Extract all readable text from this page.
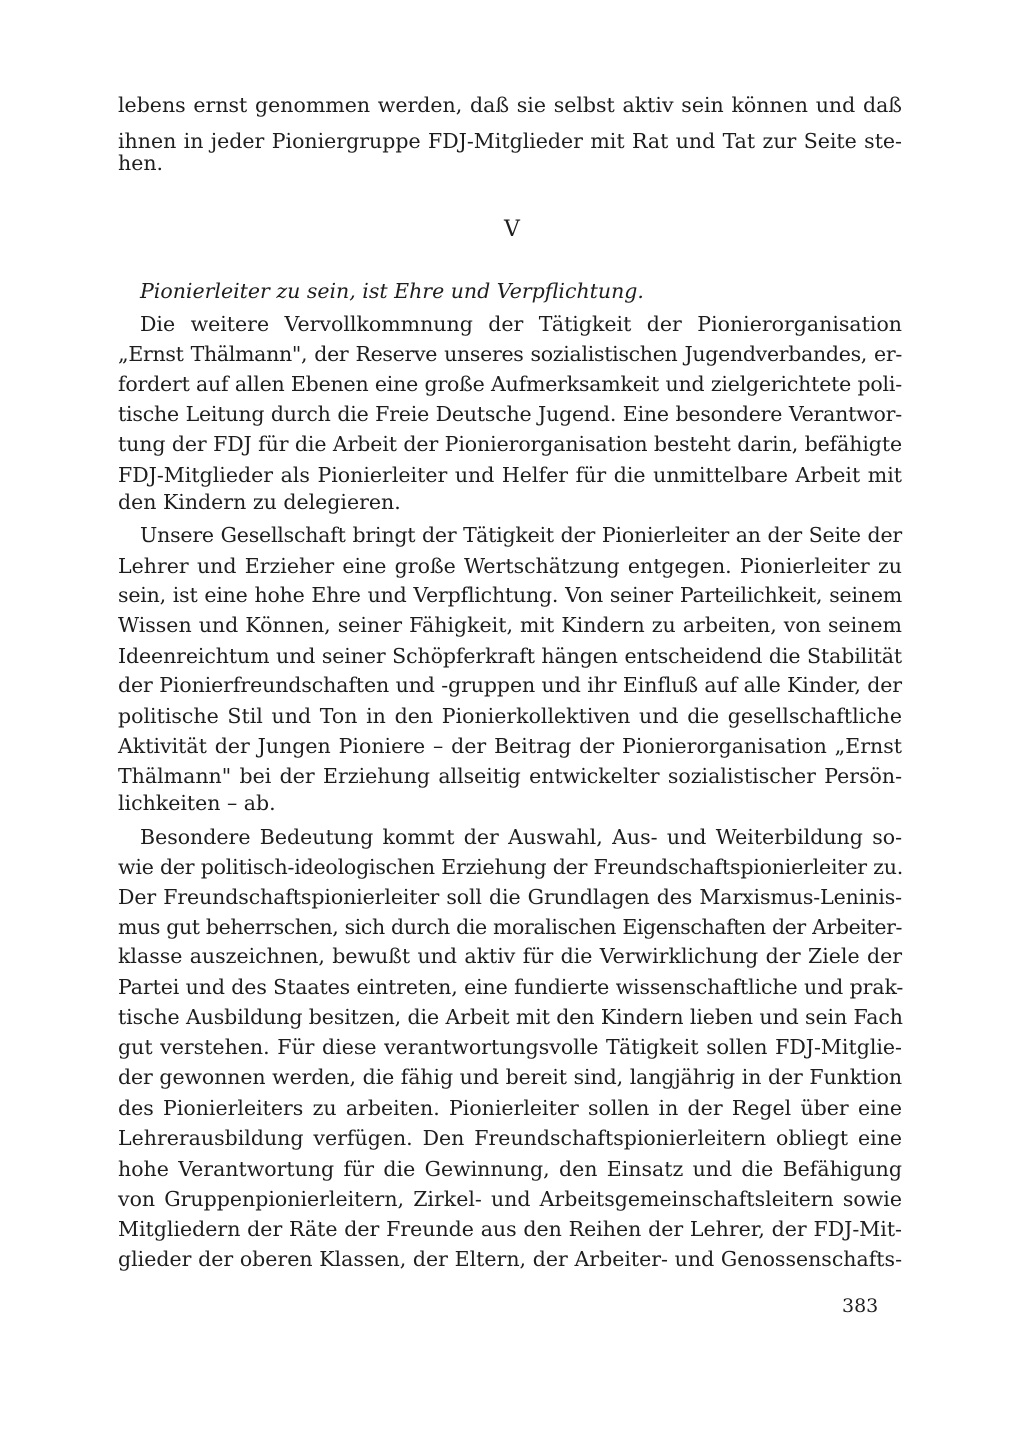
lebens ernst genommen werden, daß sie selbst aktiv sein können und daß
ihnen in jeder Pioniergruppe FDJ-Mitglieder mit Rat und Tat zur Seite ste-
hen.
V
Pionierleiter zu sein, ist Ehre und Verpflichtung.
Die weitere Vervollkommnung der Tätigkeit der Pionierorganisation
„Ernst Thälmann", der Reserve unseres sozialistischen Jugendverbandes, er-
fordert auf allen Ebenen eine große Aufmerksamkeit und zielgerichtete poli-
tische Leitung durch die Freie Deutsche Jugend. Eine besondere Verantwor-
tung der FDJ für die Arbeit der Pionierorganisation besteht darin, befähigte
FDJ-Mitglieder als Pionierleiter und Helfer für die unmittelbare Arbeit mit
den Kindern zu delegieren.
Unsere Gesellschaft bringt der Tätigkeit der Pionierleiter an der Seite der
Lehrer und Erzieher eine große Wertschätzung entgegen. Pionierleiter zu
sein, ist eine hohe Ehre und Verpflichtung. Von seiner Parteilichkeit, seinem
Wissen und Können, seiner Fähigkeit, mit Kindern zu arbeiten, von seinem
Ideenreichtum und seiner Schöpferkraft hängen entscheidend die Stabilität
der Pionierfreundschaften und -gruppen und ihr Einfluß auf alle Kinder, der
politische Stil und Ton in den Pionierkollektiven und die gesellschaftliche
Aktivität der Jungen Pioniere – der Beitrag der Pionierorganisation „Ernst
Thälmann" bei der Erziehung allseitig entwickelter sozialistischer Persön-
lichkeiten – ab.
Besondere Bedeutung kommt der Auswahl, Aus- und Weiterbildung so-
wie der politisch-ideologischen Erziehung der Freundschaftspionierleiter zu.
Der Freundschaftspionierleiter soll die Grundlagen des Marxismus-Leninis-
mus gut beherrschen, sich durch die moralischen Eigenschaften der Arbeiter-
klasse auszeichnen, bewußt und aktiv für die Verwirklichung der Ziele der
Partei und des Staates eintreten, eine fundierte wissenschaftliche und prak-
tische Ausbildung besitzen, die Arbeit mit den Kindern lieben und sein Fach
gut verstehen. Für diese verantwortungsvolle Tätigkeit sollen FDJ-Mitglie-
der gewonnen werden, die fähig und bereit sind, langjährig in der Funktion
des Pionierleiters zu arbeiten. Pionierleiter sollen in der Regel über eine
Lehrerausbildung verfügen. Den Freundschaftspionierleitern obliegt eine
hohe Verantwortung für die Gewinnung, den Einsatz und die Befähigung
von Gruppenpionierleitern, Zirkel- und Arbeitsgemeinschaftsleitern sowie
Mitgliedern der Räte der Freunde aus den Reihen der Lehrer, der FDJ-Mit-
glieder der oberen Klassen, der Eltern, der Arbeiter- und Genossenschafts-
383
